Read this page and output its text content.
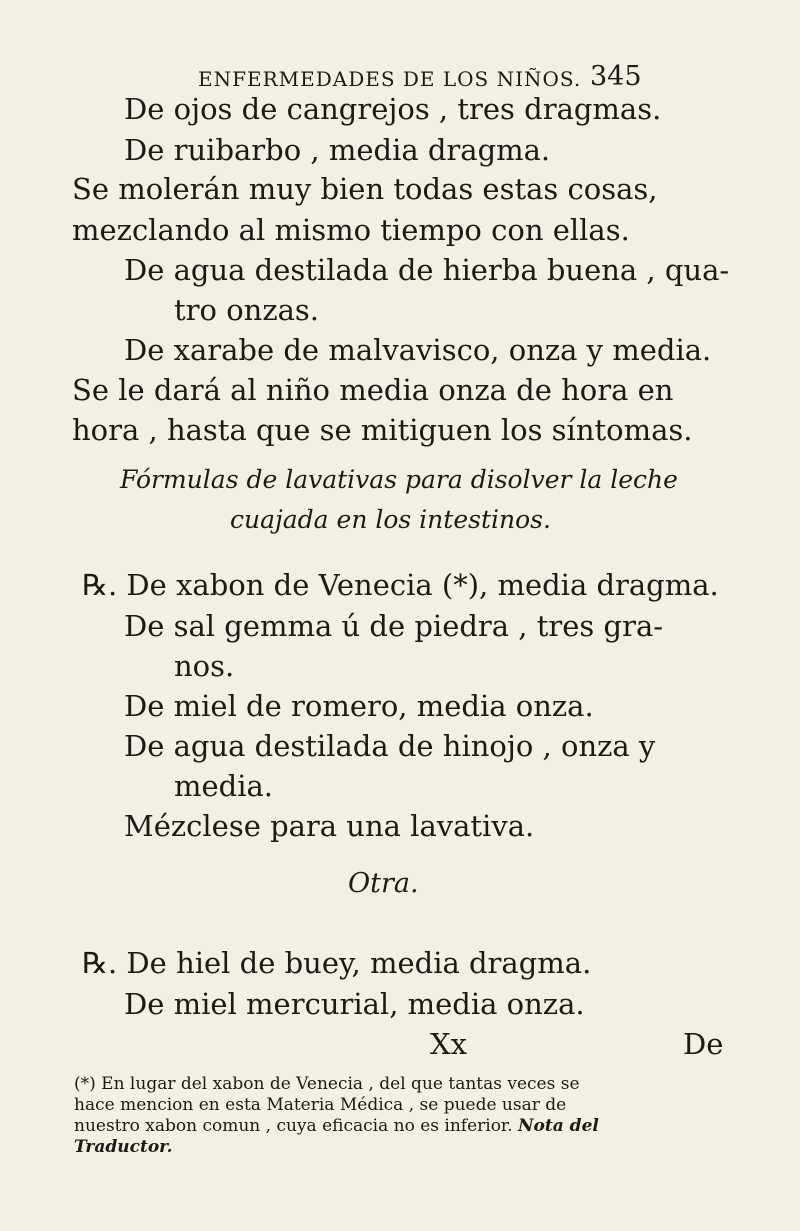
ENFERMEDADES DE LOS NIÑOS. 345
De ojos de cangrejos , tres dragmas.
De ruibarbo , media dragma.
Se molerán muy bien todas estas cosas,
mezclando al mismo tiempo con ellas.
De agua destilada de hierba buena , qua-
tro onzas.
De xarabe de malvavisco, onza y media.
Se le dará al niño media onza de hora en
hora , hasta que se mitiguen los síntomas.
Fórmulas de lavativas para disolver la leche
cuajada en los intestinos.
℞. De xabon de Venecia (*), media dragma.
De sal gemma ú de piedra , tres gra-
nos.
De miel de romero, media onza.
De agua destilada de hinojo , onza y
media.
Mézclese para una lavativa.
Otra.
℞. De hiel de buey, media dragma.
De miel mercurial, media onza.
Xx	De
(*) En lugar del xabon de Venecia , del que tantas veces se
hace mencion en esta Materia Médica , se puede usar de
nuestro xabon comun , cuya eficacia no es inferior. Nota del
Traductor.
